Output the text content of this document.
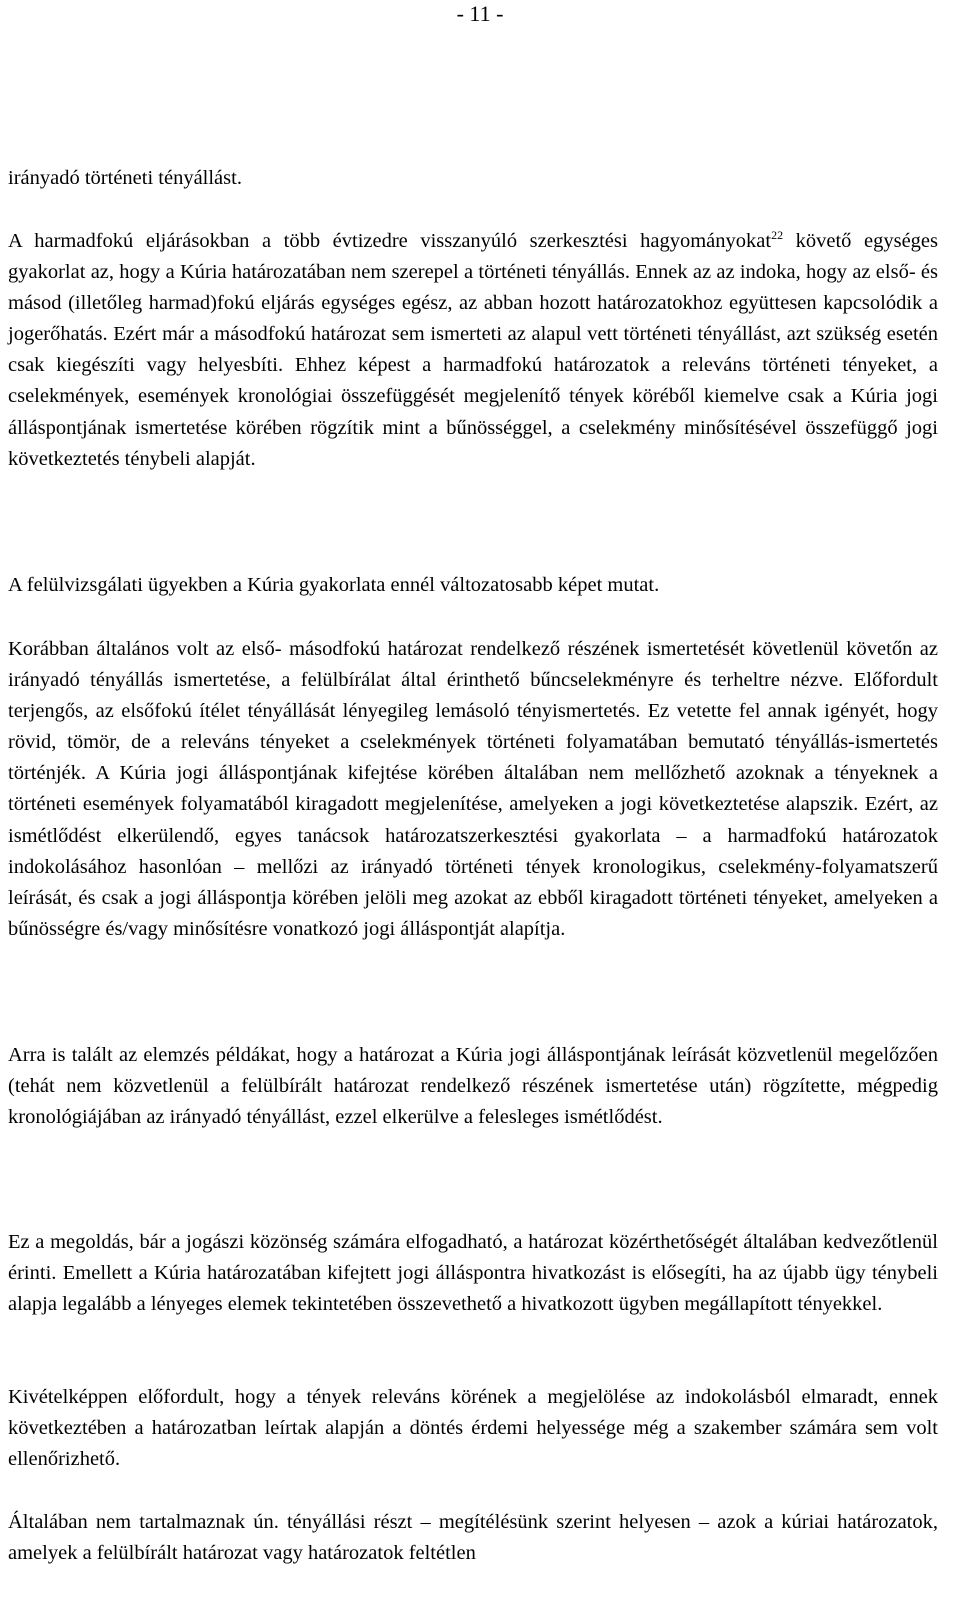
- 11 -

irányadó történeti tényállást.

A harmadfokú eljárásokban a több évtizedre visszanyúló szerkesztési hagyományokat$^{22}$ követő egységes gyakorlat az, hogy a Kúria határozatában nem szerepel a történeti tényállás. Ennek az az indoka, hogy az első- és másod (illetőleg harmad)fokú eljárás egységes egész, az abban hozott határozatokhoz együttesen kapcsolódik a jogerőhatás. Ezért már a másodfokú határozat sem ismerteti az alapul vett történeti tényállást, azt szükség esetén csak kiegészíti vagy helyesbíti. Ehhez képest a harmadfokú határozatok a releváns történeti tényeket, a cselekmények, események kronológiai összefüggését megjelenítő tények köréből kiemelve csak a Kúria jogi álláspontjának ismertetése körében rögzítik mint a bűnösséggel, a cselekmény minősítésével összefüggő jogi következtetés ténybeli alapját.

A felülvizsgálati ügyekben a Kúria gyakorlata ennél változatosabb képet mutat.

Korábban általános volt az első- másodfokú határozat rendelkező részének ismertetését követlenül követőn az irányadó tényállás ismertetése, a felülbírálat által érinthető bűncselekményre és terheltre nézve. Előfordult terjengős, az elsőfokú ítélet tényállását lényegileg lemásoló tényismertetés. Ez vetette fel annak igényét, hogy rövid, tömör, de a releváns tényeket a cselekmények történeti folyamatában bemutató tényállás-ismertetés történjék. A Kúria jogi álláspontjának kifejtése körében általában nem mellőzhető azoknak a tényeknek a történeti események folyamatából kiragadott megjelenítése, amelyeken a jogi következtetése alapszik. Ezért, az ismétlődést elkerülendő, egyes tanácsok határozatszerkesztési gyakorlata – a harmadfokú határozatok indokolásához hasonlóan – mellőzi az irányadó történeti tények kronologikus, cselekmény-folyamatszerű leírását, és csak a jogi álláspontja körében jelöli meg azokat az ebből kiragadott történeti tényeket, amelyeken a bűnösségre és/vagy minősítésre vonatkozó jogi álláspontját alapítja.

Arra is talált az elemzés példákat, hogy a határozat a Kúria jogi álláspontjának leírását közvetlenül megelőzően (tehát nem közvetlenül a felülbírált határozat rendelkező részének ismertetése után) rögzítette, mégpedig kronológiájában az irányadó tényállást, ezzel elkerülve a felesleges ismétlődést.

Ez a megoldás, bár a jogászi közönség számára elfogadható, a határozat közérthetőségét általában kedvezőtlenül érinti. Emellett a Kúria határozatában kifejtett jogi álláspontra hivatkozást is elősegíti, ha az újabb ügy ténybeli alapja legalább a lényeges elemek tekintetében összevethető a hivatkozott ügyben megállapított tényekkel.

Kivételképpen előfordult, hogy a tények releváns körének a megjelölése az indokolásból elmaradt, ennek következtében a határozatban leírtak alapján a döntés érdemi helyessége még a szakember számára sem volt ellenőrizhető.

Általában nem tartalmaznak ún. tényállási részt – megítélésünk szerint helyesen – azok a kúriai határozatok, amelyek a felülbírált határozat vagy határozatok feltétlen
